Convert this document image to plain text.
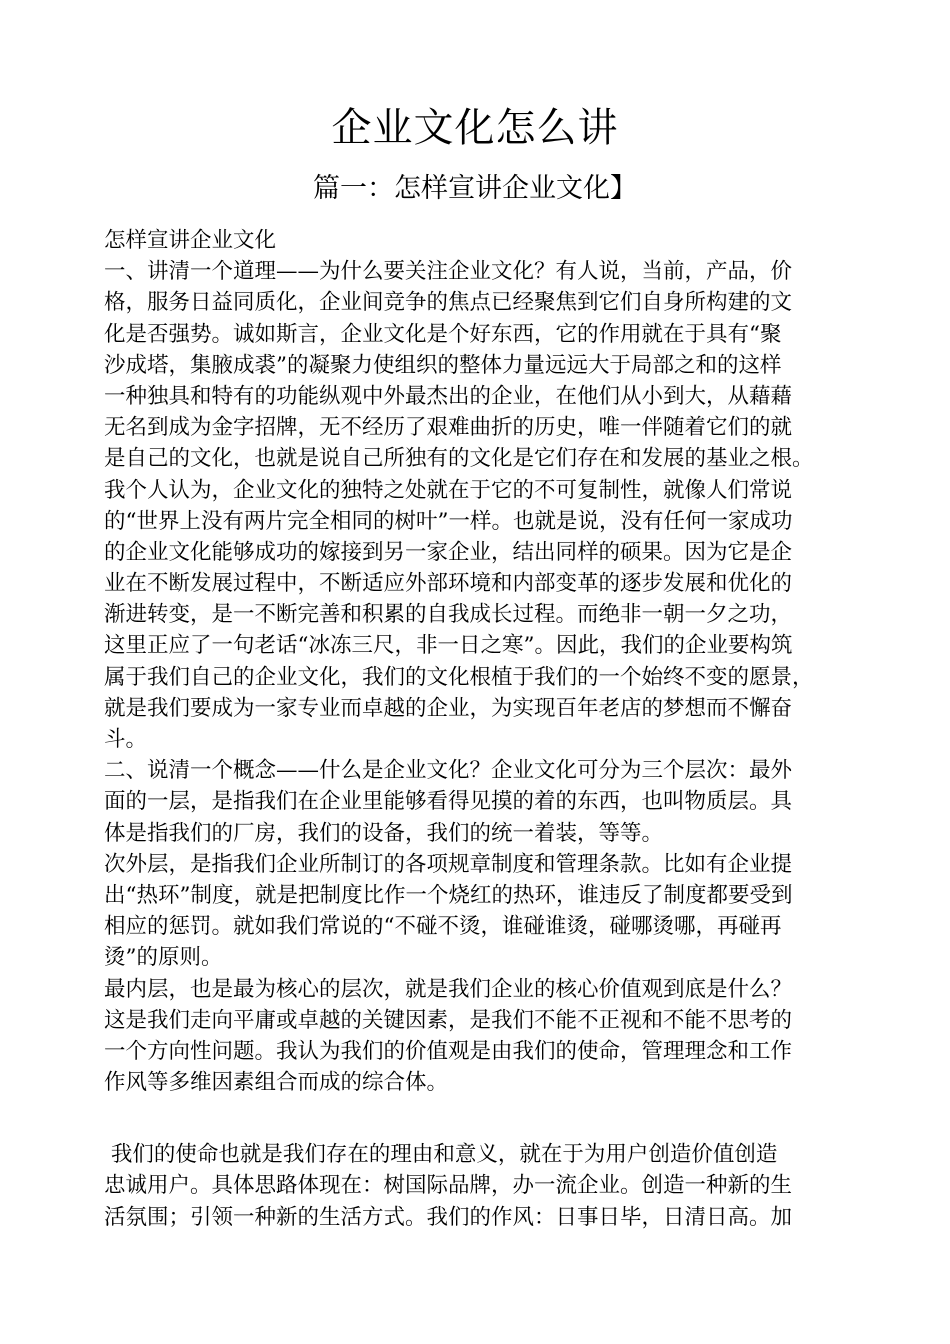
企业文化怎么讲
篇一：怎样宣讲企业文化】
怎样宣讲企业文化
一、讲清一个道理——为什么要关注企业文化？有人说，当前，产品，价
格，服务日益同质化，企业间竞争的焦点已经聚焦到它们自身所构建的文
化是否强势。诚如斯言，企业文化是个好东西，它的作用就在于具有“聚
沙成塔，集腋成裘”的凝聚力使组织的整体力量远远大于局部之和的这样
一种独具和特有的功能纵观中外最杰出的企业，在他们从小到大，从藉藉
无名到成为金字招牌，无不经历了艰难曲折的历史，唯一伴随着它们的就
是自己的文化，也就是说自己所独有的文化是它们存在和发展的基业之根。
我个人认为，企业文化的独特之处就在于它的不可复制性，就像人们常说
的“世界上没有两片完全相同的树叶”一样。也就是说，没有任何一家成功
的企业文化能够成功的嫁接到另一家企业，结出同样的硕果。因为它是企
业在不断发展过程中，不断适应外部环境和内部变革的逐步发展和优化的
渐进转变，是一不断完善和积累的自我成长过程。而绝非一朝一夕之功，
这里正应了一句老话“冰冻三尺，非一日之寒”。因此，我们的企业要构筑
属于我们自己的企业文化，我们的文化根植于我们的一个始终不变的愿景，
就是我们要成为一家专业而卓越的企业，为实现百年老店的梦想而不懈奋
斗。
二、说清一个概念——什么是企业文化？企业文化可分为三个层次：最外
面的一层，是指我们在企业里能够看得见摸的着的东西，也叫物质层。具
体是指我们的厂房，我们的设备，我们的统一着装，等等。
次外层，是指我们企业所制订的各项规章制度和管理条款。比如有企业提
出“热环”制度，就是把制度比作一个烧红的热环，谁违反了制度都要受到
相应的惩罚。就如我们常说的“不碰不烫，谁碰谁烫，碰哪烫哪，再碰再
烫”的原则。
最内层，也是最为核心的层次，就是我们企业的核心价值观到底是什么？
这是我们走向平庸或卓越的关键因素，是我们不能不正视和不能不思考的
一个方向性问题。我认为我们的价值观是由我们的使命，管理理念和工作
作风等多维因素组合而成的综合体。
我们的使命也就是我们存在的理由和意义，就在于为用户创造价值创造
忠诚用户。具体思路体现在：树国际品牌，办一流企业。创造一种新的生
活氛围；引领一种新的生活方式。我们的作风：日事日毕，日清日高。加
